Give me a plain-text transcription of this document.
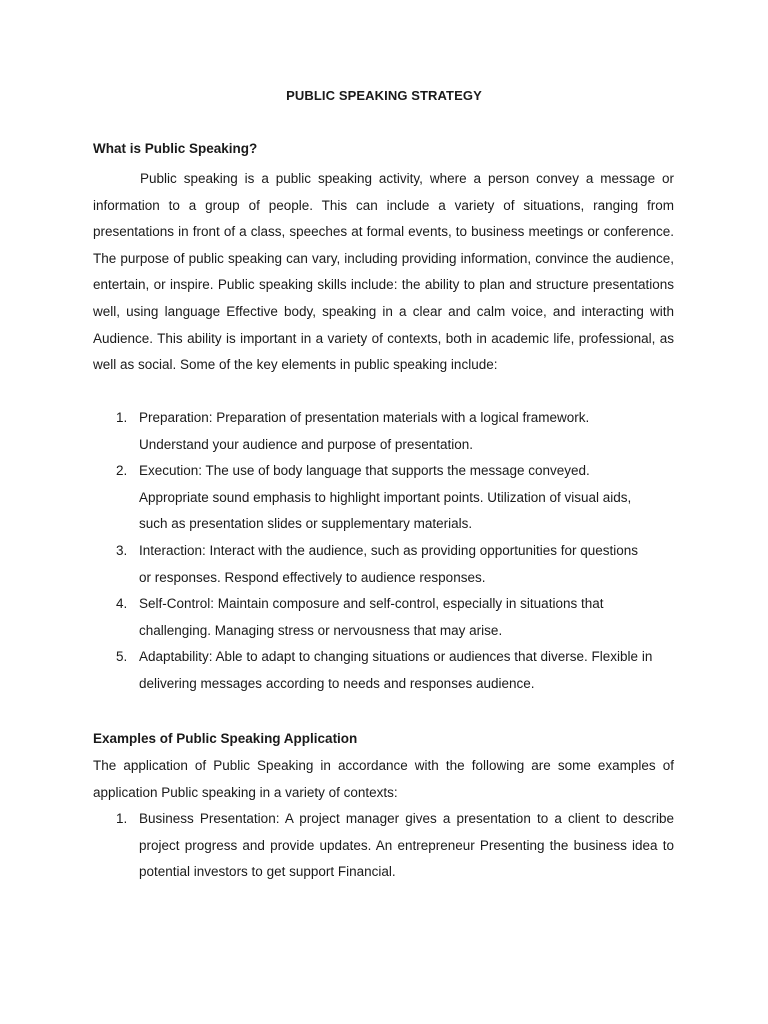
PUBLIC SPEAKING STRATEGY
What is Public Speaking?

Public speaking is a public speaking activity, where a person convey a message or information to a group of people. This can include a variety of situations, ranging from presentations in front of a class, speeches at formal events, to business meetings or conference. The purpose of public speaking can vary, including providing information, convince the audience, entertain, or inspire. Public speaking skills include: the ability to plan and structure presentations well, using language Effective body, speaking in a clear and calm voice, and interacting with Audience. This ability is important in a variety of contexts, both in academic life, professional, as well as social. Some of the key elements in public speaking include:

1. Preparation: Preparation of presentation materials with a logical framework. Understand your audience and purpose of presentation.
2. Execution: The use of body language that supports the message conveyed. Appropriate sound emphasis to highlight important points. Utilization of visual aids, such as presentation slides or supplementary materials.
3. Interaction: Interact with the audience, such as providing opportunities for questions or responses. Respond effectively to audience responses.
4. Self-Control: Maintain composure and self-control, especially in situations that challenging. Managing stress or nervousness that may arise.
5. Adaptability: Able to adapt to changing situations or audiences that diverse. Flexible in delivering messages according to needs and responses audience.
Examples of Public Speaking Application

The application of Public Speaking in accordance with the following are some examples of application Public speaking in a variety of contexts:

1. Business Presentation: A project manager gives a presentation to a client to describe project progress and provide updates. An entrepreneur Presenting the business idea to potential investors to get support Financial.
